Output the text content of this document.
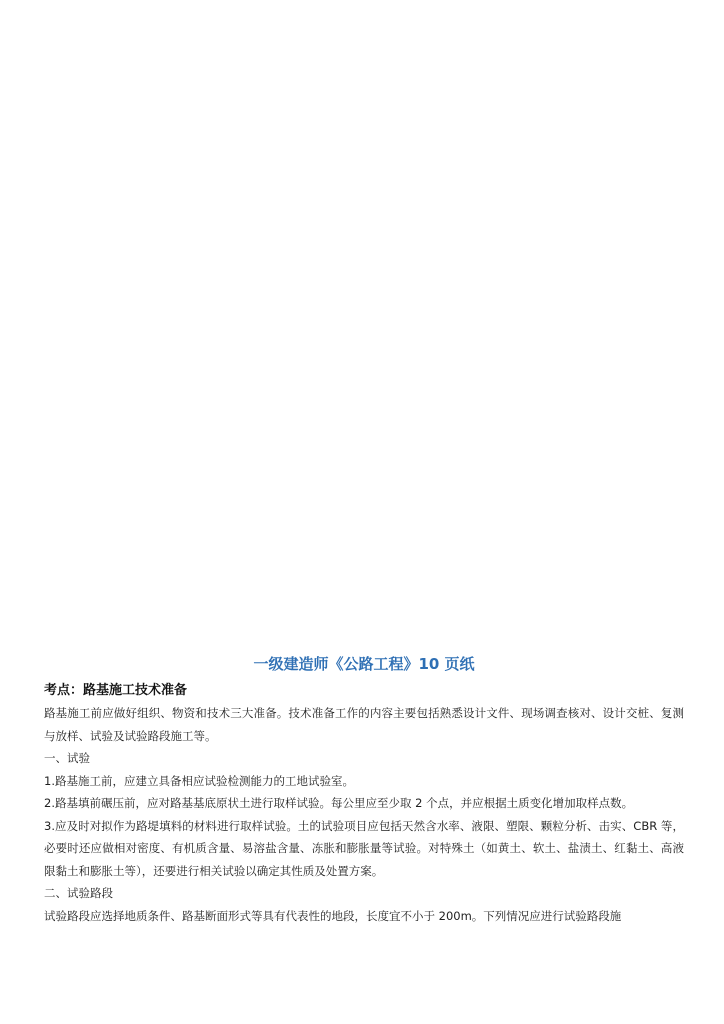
一级建造师《公路工程》10 页纸
考点：路基施工技术准备

路基施工前应做好组织、物资和技术三大准备。技术准备工作的内容主要包括熟悉设计文件、现场调查核对、设计交桩、复测与放样、试验及试验路段施工等。

一、试验

1.路基施工前，应建立具备相应试验检测能力的工地试验室。

2.路基填前碾压前，应对路基基底原状土进行取样试验。每公里应至少取 2 个点，并应根据土质变化增加取样点数。

3.应及时对拟作为路堤填料的材料进行取样试验。土的试验项目应包括天然含水率、液限、塑限、颗粒分析、击实、CBR 等，必要时还应做相对密度、有机质含量、易溶盐含量、冻胀和膨胀量等试验。对特殊土（如黄土、软土、盐渍土、红黏土、高液限黏土和膨胀土等），还要进行相关试验以确定其性质及处置方案。

二、试验路段

试验路段应选择地质条件、路基断面形式等具有代表性的地段，长度宜不小于 200m。下列情况应进行试验路段施
